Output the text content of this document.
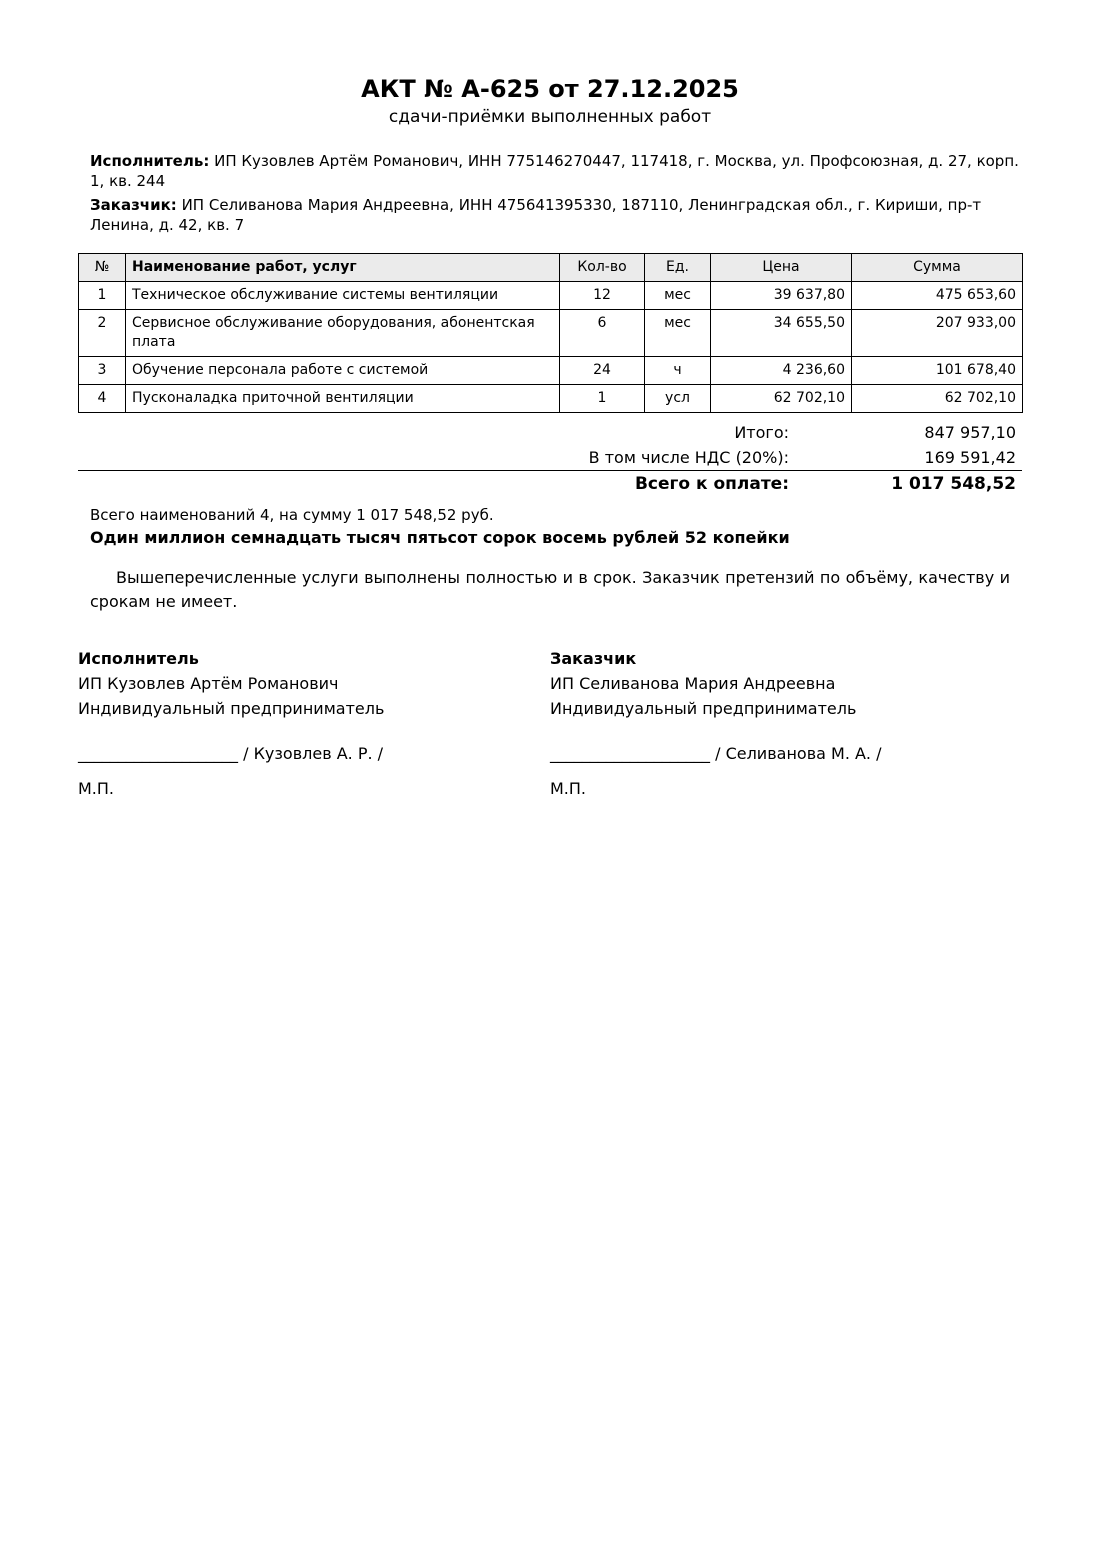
АКТ № А-625 от 27.12.2025
сдачи-приёмки выполненных работ
Исполнитель: ИП Кузовлев Артём Романович, ИНН 775146270447, 117418, г. Москва, ул. Профсоюзная, д. 27, корп. 1, кв. 244
Заказчик: ИП Селиванова Мария Андреевна, ИНН 475641395330, 187110, Ленинградская обл., г. Кириши, пр-т Ленина, д. 42, кв. 7
№	Наименование работ, услуг	Кол-во	Ед.	Цена	Сумма
1	Техническое обслуживание системы вентиляции	12	мес	39 637,80	475 653,60
2	Сервисное обслуживание оборудования, абонентская плата	6	мес	34 655,50	207 933,00
3	Обучение персонала работе с системой	24	ч	4 236,60	101 678,40
4	Пусконаладка приточной вентиляции	1	усл	62 702,10	62 702,10
Итого:	847 957,10
В том числе НДС (20%):	169 591,42
Всего к оплате:	1 017 548,52
Всего наименований 4, на сумму 1 017 548,52 руб.
Один миллион семнадцать тысяч пятьсот сорок восемь рублей 52 копейки
Вышеперечисленные услуги выполнены полностью и в срок. Заказчик претензий по объёму, качеству и срокам не имеет.
Исполнитель
ИП Кузовлев Артём Романович
Индивидуальный предприниматель
____________________ / Кузовлев А. Р. /
М.П.
Заказчик
ИП Селиванова Мария Андреевна
Индивидуальный предприниматель
____________________ / Селиванова М. А. /
М.П.
